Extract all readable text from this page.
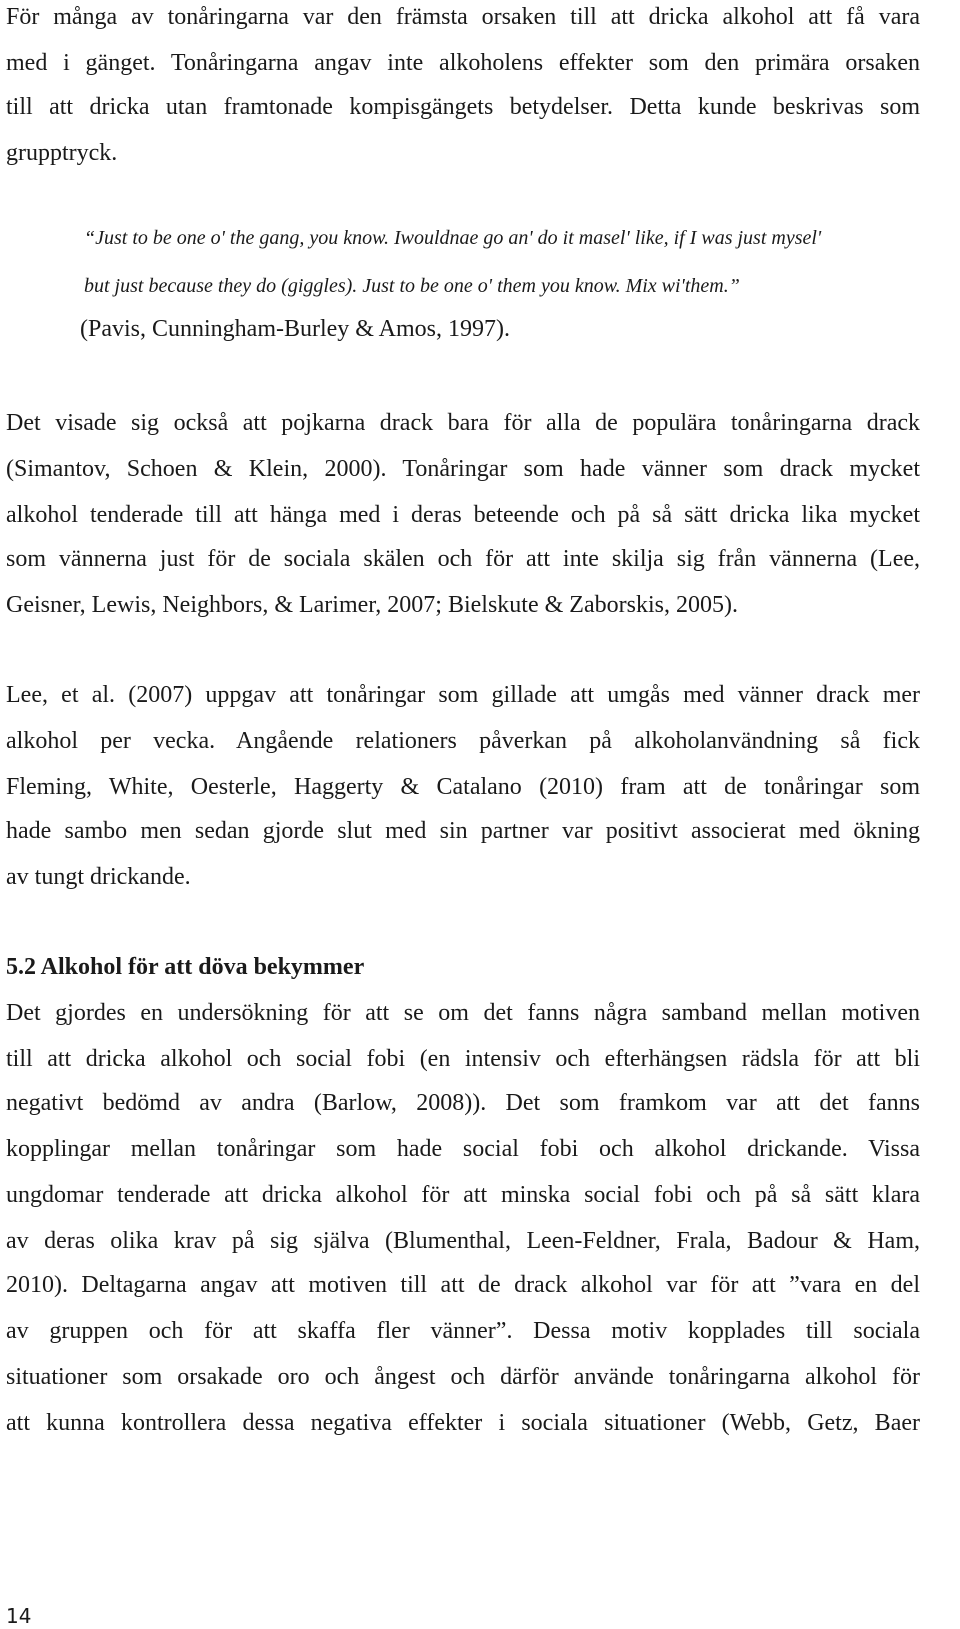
För många av tonåringarna var den främsta orsaken till att dricka alkohol att få vara
med i gänget. Tonåringarna angav inte alkoholens effekter som den primära orsaken
till att dricka utan framtonade kompisgängets betydelser. Detta kunde beskrivas som
grupptryck.
“Just to be one o' the gang, you know. Iwouldnae go an' do it masel' like, if I was just mysel'
but just because they do (giggles). Just to be one o' them you know. Mix wi'them.”
(Pavis, Cunningham-Burley & Amos, 1997).
Det visade sig också att pojkarna drack bara för alla de populära tonåringarna drack
(Simantov, Schoen & Klein, 2000). Tonåringar som hade vänner som drack mycket
alkohol tenderade till att hänga med i deras beteende och på så sätt dricka lika mycket
som vännerna just för de sociala skälen och för att inte skilja sig från vännerna (Lee,
Geisner, Lewis, Neighbors, & Larimer, 2007; Bielskute & Zaborskis, 2005).
Lee, et al. (2007) uppgav att tonåringar som gillade att umgås med vänner drack mer
alkohol per vecka. Angående relationers påverkan på alkoholanvändning så fick
Fleming, White, Oesterle, Haggerty & Catalano (2010) fram att de tonåringar som
hade sambo men sedan gjorde slut med sin partner var positivt associerat med ökning
av tungt drickande.
5.2 Alkohol för att döva bekymmer
Det gjordes en undersökning för att se om det fanns några samband mellan motiven
till att dricka alkohol och social fobi (en intensiv och efterhängsen rädsla för att bli
negativt bedömd av andra (Barlow, 2008)). Det som framkom var att det fanns
kopplingar mellan tonåringar som hade social fobi och alkohol drickande. Vissa
ungdomar tenderade att dricka alkohol för att minska social fobi och på så sätt klara
av deras olika krav på sig själva (Blumenthal, Leen-Feldner, Frala, Badour & Ham,
2010). Deltagarna angav att motiven till att de drack alkohol var för att ”vara en del
av gruppen och för att skaffa fler vänner”. Dessa motiv kopplades till sociala
situationer som orsakade oro och ångest och därför använde tonåringarna alkohol för
att kunna kontrollera dessa negativa effekter i sociala situationer (Webb, Getz, Baer
14
